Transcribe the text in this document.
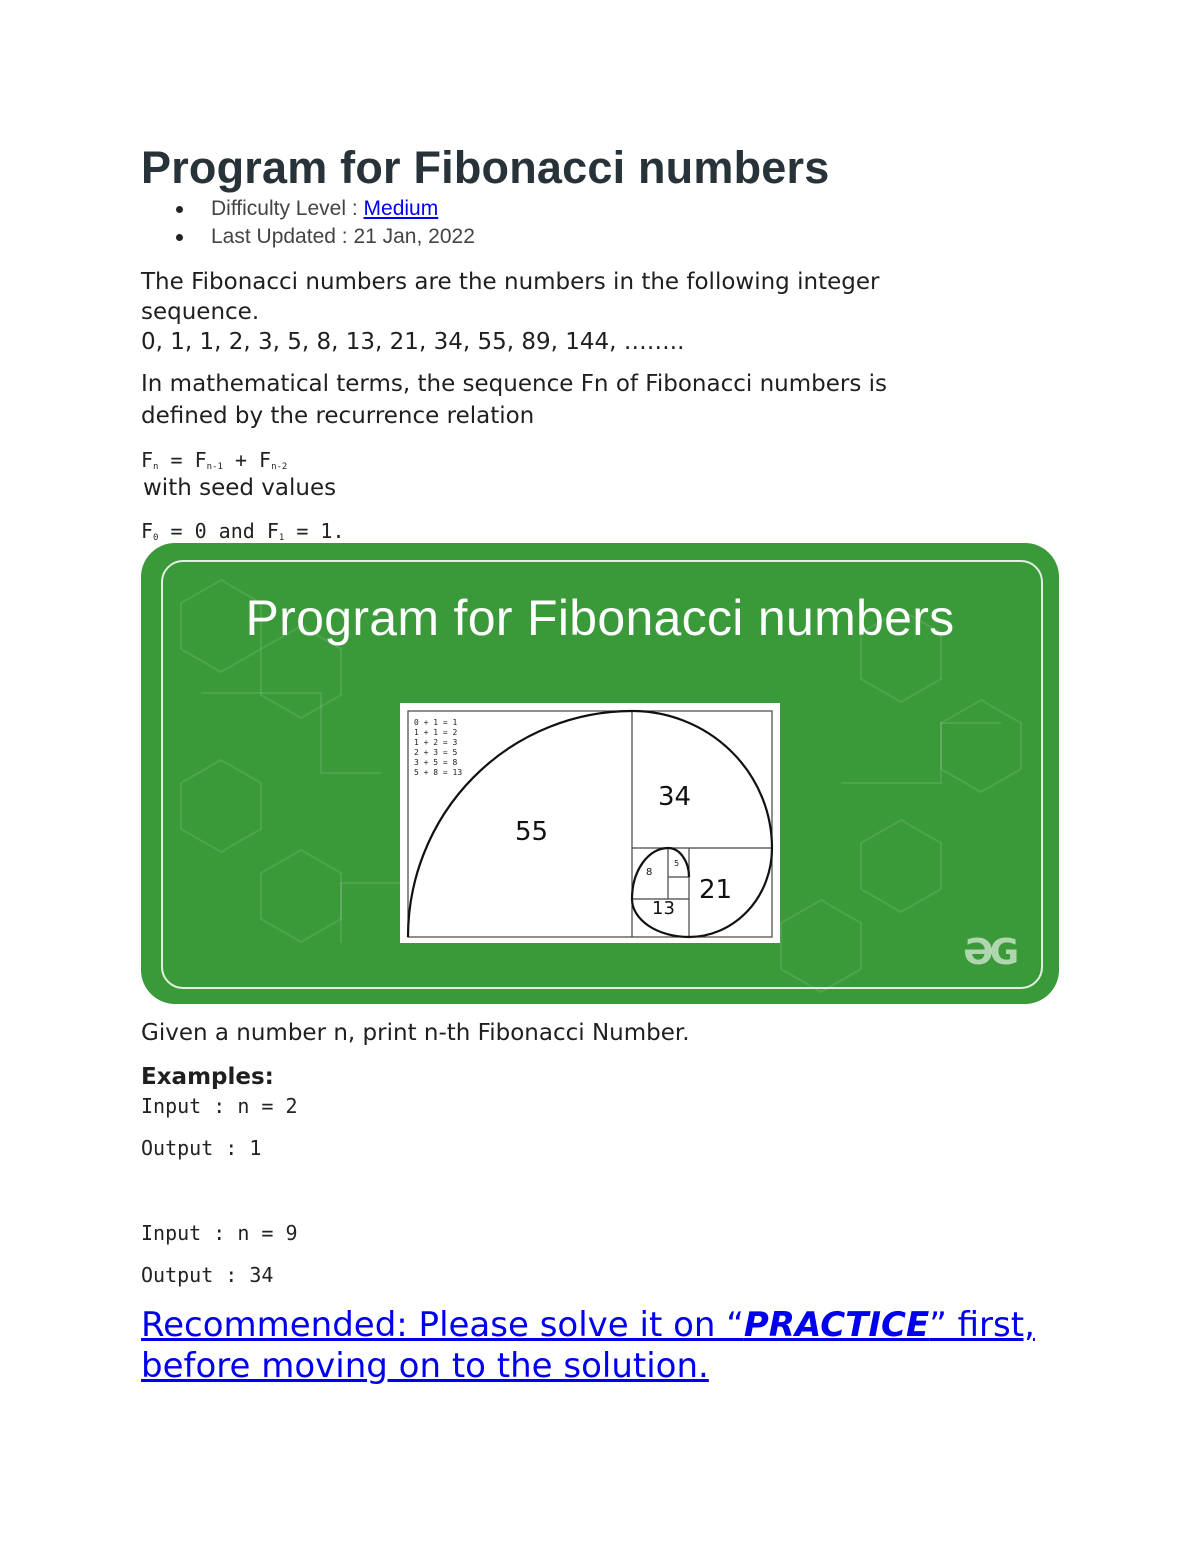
Program for Fibonacci numbers
Difficulty Level : Medium
Last Updated : 21 Jan, 2022
The Fibonacci numbers are the numbers in the following integer
sequence.
0, 1, 1, 2, 3, 5, 8, 13, 21, 34, 55, 89, 144, ……..
In mathematical terms, the sequence Fn of Fibonacci numbers is
defined by the recurrence relation
$F_n = F_{n-1} + F_{n-2}$
with seed values
$F_0 = 0$ and $F_1 = 1$.
Program for Fibonacci numbers
55
34
21
13
8
5
0 + 1 = 1
1 + 1 = 2
1 + 2 = 3
2 + 3 = 5
3 + 5 = 8
5 + 8 = 13
ƏG
Given a number n, print n-th Fibonacci Number.
Examples:
Input : n = 2
Output : 1
Input : n = 9
Output : 34
Recommended: Please solve it on “PRACTICE” first, before moving on to the solution.
